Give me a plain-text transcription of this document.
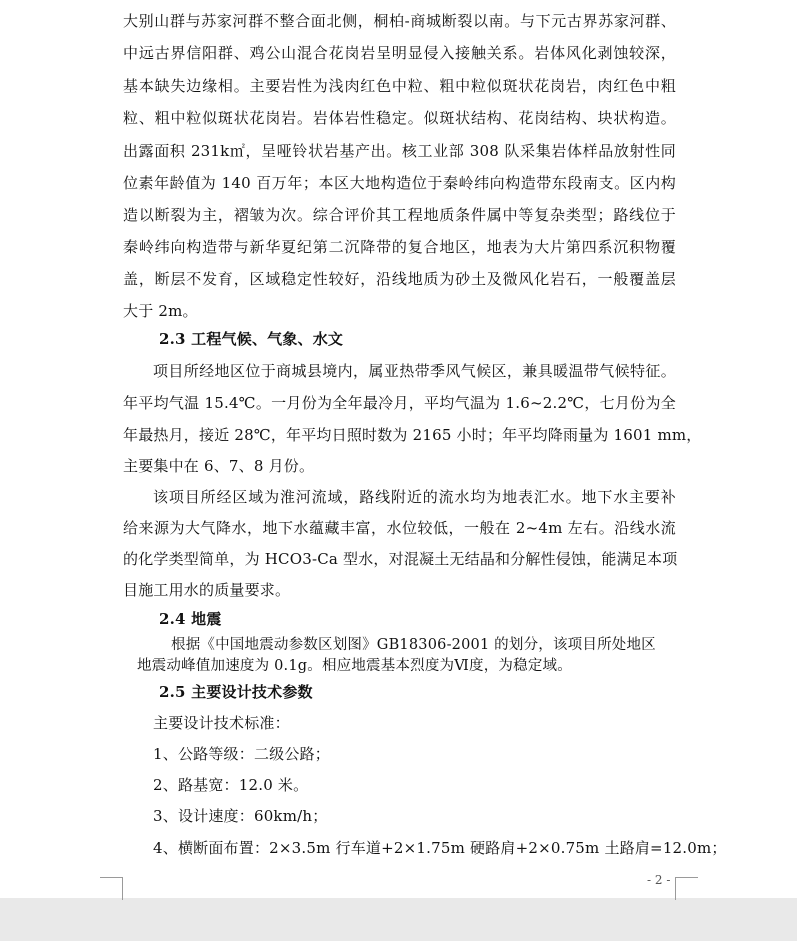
大别山群与苏家河群不整合面北侧，桐柏-商城断裂以南。与下元古界苏家河群、
中远古界信阳群、鸡公山混合花岗岩呈明显侵入接触关系。岩体风化剥蚀较深，
基本缺失边缘相。主要岩性为浅肉红色中粒、粗中粒似斑状花岗岩，肉红色中粗
粒、粗中粒似斑状花岗岩。岩体岩性稳定。似斑状结构、花岗结构、块状构造。
出露面积 231k㎡，呈哑铃状岩基产出。核工业部 308 队采集岩体样品放射性同
位素年龄值为 140 百万年；本区大地构造位于秦岭纬向构造带东段南支。区内构
造以断裂为主，褶皱为次。综合评价其工程地质条件属中等复杂类型；路线位于
秦岭纬向构造带与新华夏纪第二沉降带的复合地区，地表为大片第四系沉积物覆
盖，断层不发育，区域稳定性较好，沿线地质为砂土及微风化岩石，一般覆盖层
大于 2m。
2.3 工程气候、气象、水文
项目所经地区位于商城县境内，属亚热带季风气候区，兼具暖温带气候特征。
年平均气温 15.4℃。一月份为全年最冷月，平均气温为 1.6~2.2℃，七月份为全
年最热月，接近 28℃，年平均日照时数为 2165 小时；年平均降雨量为 1601 mm，
主要集中在 6、7、8 月份。
该项目所经区域为淮河流域，路线附近的流水均为地表汇水。地下水主要补
给来源为大气降水，地下水蕴藏丰富，水位较低，一般在 2~4m 左右。沿线水流
的化学类型简单，为 HCO3-Ca 型水，对混凝土无结晶和分解性侵蚀，能满足本项
目施工用水的质量要求。
2.4 地震
根据《中国地震动参数区划图》GB18306-2001 的划分，该项目所处地区
地震动峰值加速度为 0.1g。相应地震基本烈度为Ⅵ度，为稳定域。
2.5 主要设计技术参数
主要设计技术标准：
1、公路等级：二级公路；
2、路基宽：12.0 米。
3、设计速度：60km/h；
4、横断面布置：2×3.5m 行车道+2×1.75m 硬路肩+2×0.75m 土路肩=12.0m；
- 2 -
